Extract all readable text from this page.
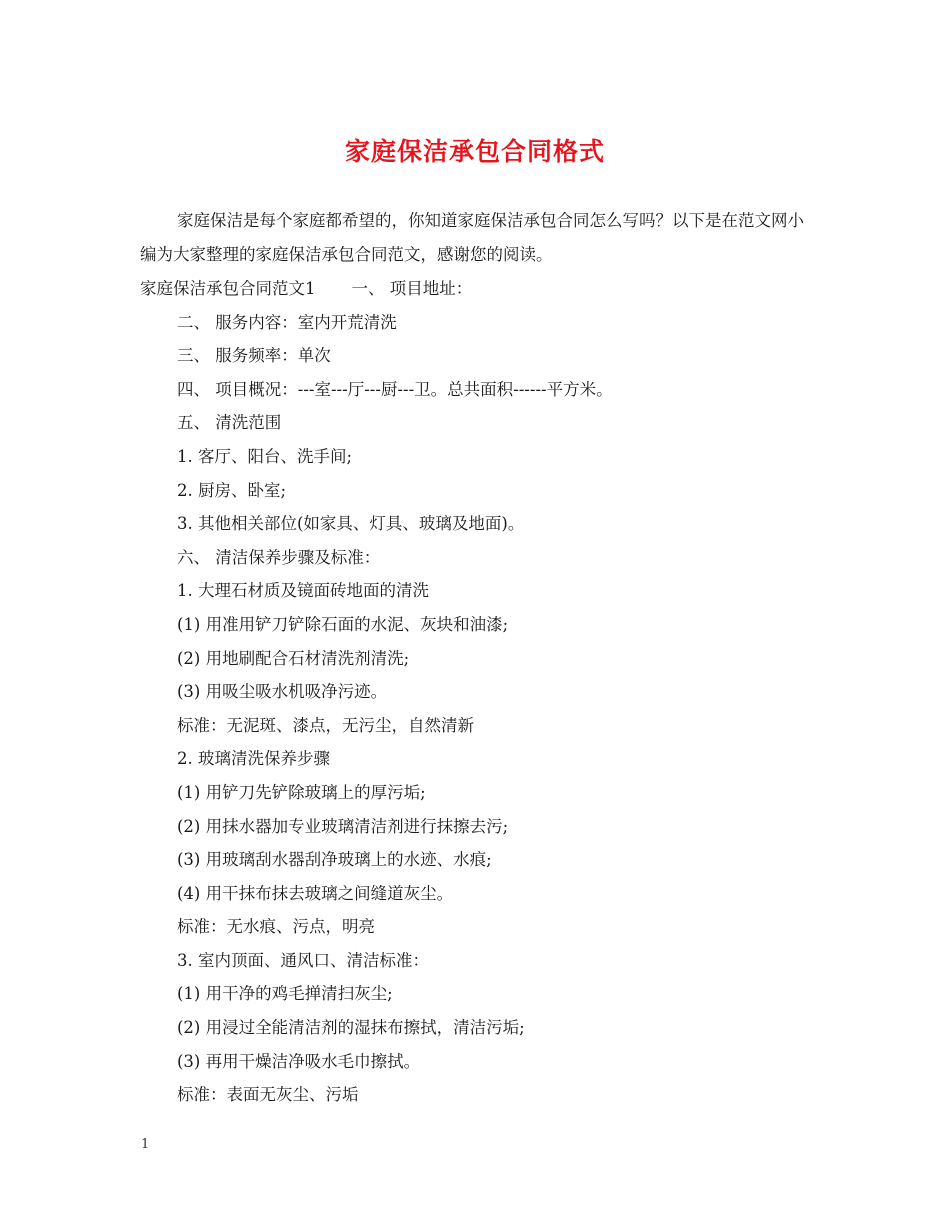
家庭保洁承包合同格式

家庭保洁是每个家庭都希望的，你知道家庭保洁承包合同怎么写吗？以下是在范文网小编为大家整理的家庭保洁承包合同范文，感谢您的阅读。

家庭保洁承包合同范文1 一、 项目地址：

二、 服务内容：室内开荒清洗

三、 服务频率：单次

四、 项目概况：---室---厅---厨---卫。总共面积------平方米。

五、 清洗范围

1. 客厅、阳台、洗手间;

2. 厨房、卧室;

3. 其他相关部位(如家具、灯具、玻璃及地面)。

六、 清洁保养步骤及标准：

1. 大理石材质及镜面砖地面的清洗

(1) 用准用铲刀铲除石面的水泥、灰块和油漆;

(2) 用地刷配合石材清洗剂清洗;

(3) 用吸尘吸水机吸净污迹。

标准：无泥斑、漆点，无污尘，自然清新

2. 玻璃清洗保养步骤

(1) 用铲刀先铲除玻璃上的厚污垢;

(2) 用抹水器加专业玻璃清洁剂进行抹擦去污;

(3) 用玻璃刮水器刮净玻璃上的水迹、水痕;

(4) 用干抹布抹去玻璃之间缝道灰尘。

标准：无水痕、污点，明亮

3. 室内顶面、通风口、清洁标准：

(1) 用干净的鸡毛掸清扫灰尘;

(2) 用浸过全能清洁剂的湿抹布擦拭，清洁污垢;

(3) 再用干燥洁净吸水毛巾擦拭。

标准：表面无灰尘、污垢

1
